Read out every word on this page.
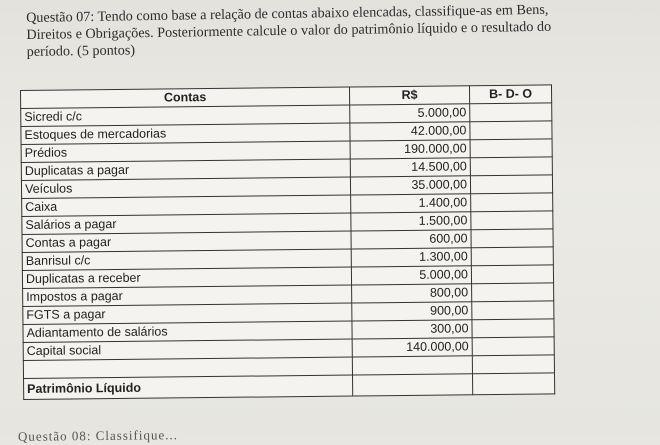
Questão 07: Tendo como base a relação de contas abaixo elencadas, classifique-as em Bens,
Direitos e Obrigações. Posteriormente calcule o valor do patrimônio líquido e o resultado do
período. (5 pontos)
Contas	R$	B- D- O
Sicredi c/c	5.000,00	
Estoques de mercadorias	42.000,00	
Prédios	190.000,00	
Duplicatas a pagar	14.500,00	
Veículos	35.000,00	
Caixa	1.400,00	
Salários a pagar	1.500,00	
Contas a pagar	600,00	
Banrisul c/c	1.300,00	
Duplicatas a receber	5.000,00	
Impostos a pagar	800,00	
FGTS a pagar	900,00	
Adiantamento de salários	300,00	
Capital social	140.000,00	

Patrimônio Líquido		
Questão 08: Classifique...
